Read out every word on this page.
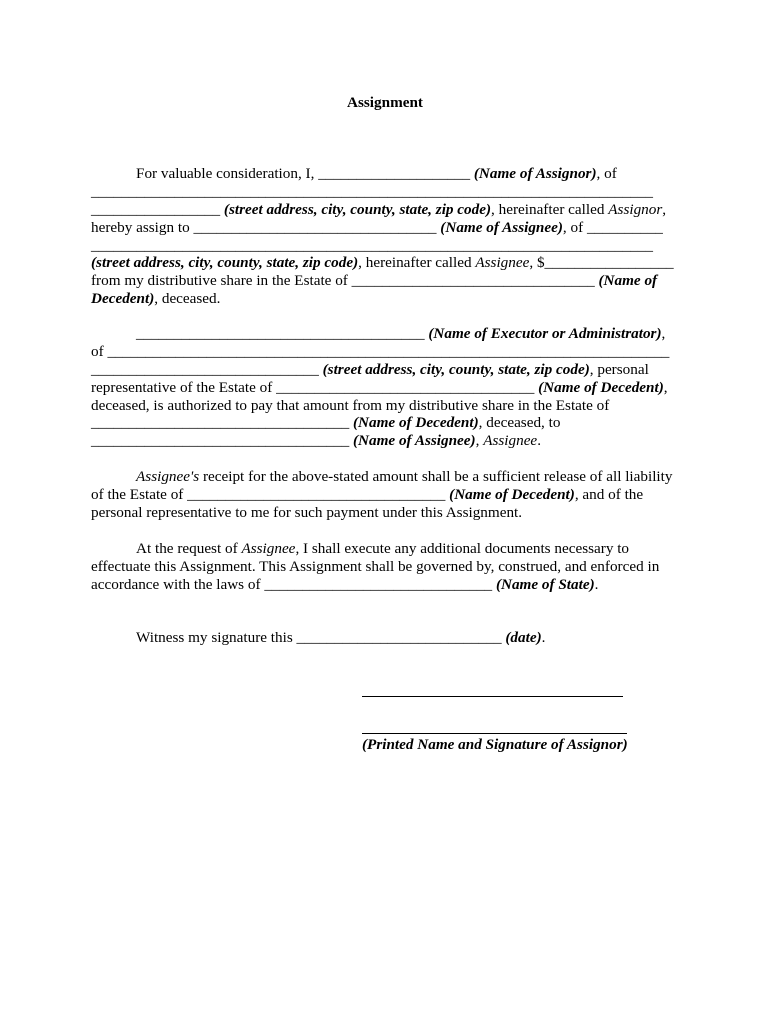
Assignment
For valuable consideration, I, ____________________ (Name of Assignor), of
__________________________________________________________________________
_________________ (street address, city, county, state, zip code), hereinafter called Assignor,
hereby assign to ________________________________ (Name of Assignee), of __________
__________________________________________________________________________
(street address, city, county, state, zip code), hereinafter called Assignee, $_________________
from my distributive share in the Estate of ________________________________ (Name of
Decedent), deceased.
______________________________________ (Name of Executor or Administrator),
of __________________________________________________________________________
______________________________ (street address, city, county, state, zip code), personal
representative of the Estate of __________________________________ (Name of Decedent),
deceased, is authorized to pay that amount from my distributive share in the Estate of
__________________________________ (Name of Decedent), deceased, to
__________________________________ (Name of Assignee), Assignee.
Assignee's receipt for the above-stated amount shall be a sufficient release of all liability
of the Estate of __________________________________ (Name of Decedent), and of the
personal representative to me for such payment under this Assignment.
At the request of Assignee, I shall execute any additional documents necessary to
effectuate this Assignment. This Assignment shall be governed by, construed, and enforced in
accordance with the laws of ______________________________ (Name of State).
Witness my signature this ___________________________ (date).
(Printed Name and Signature of Assignor)
